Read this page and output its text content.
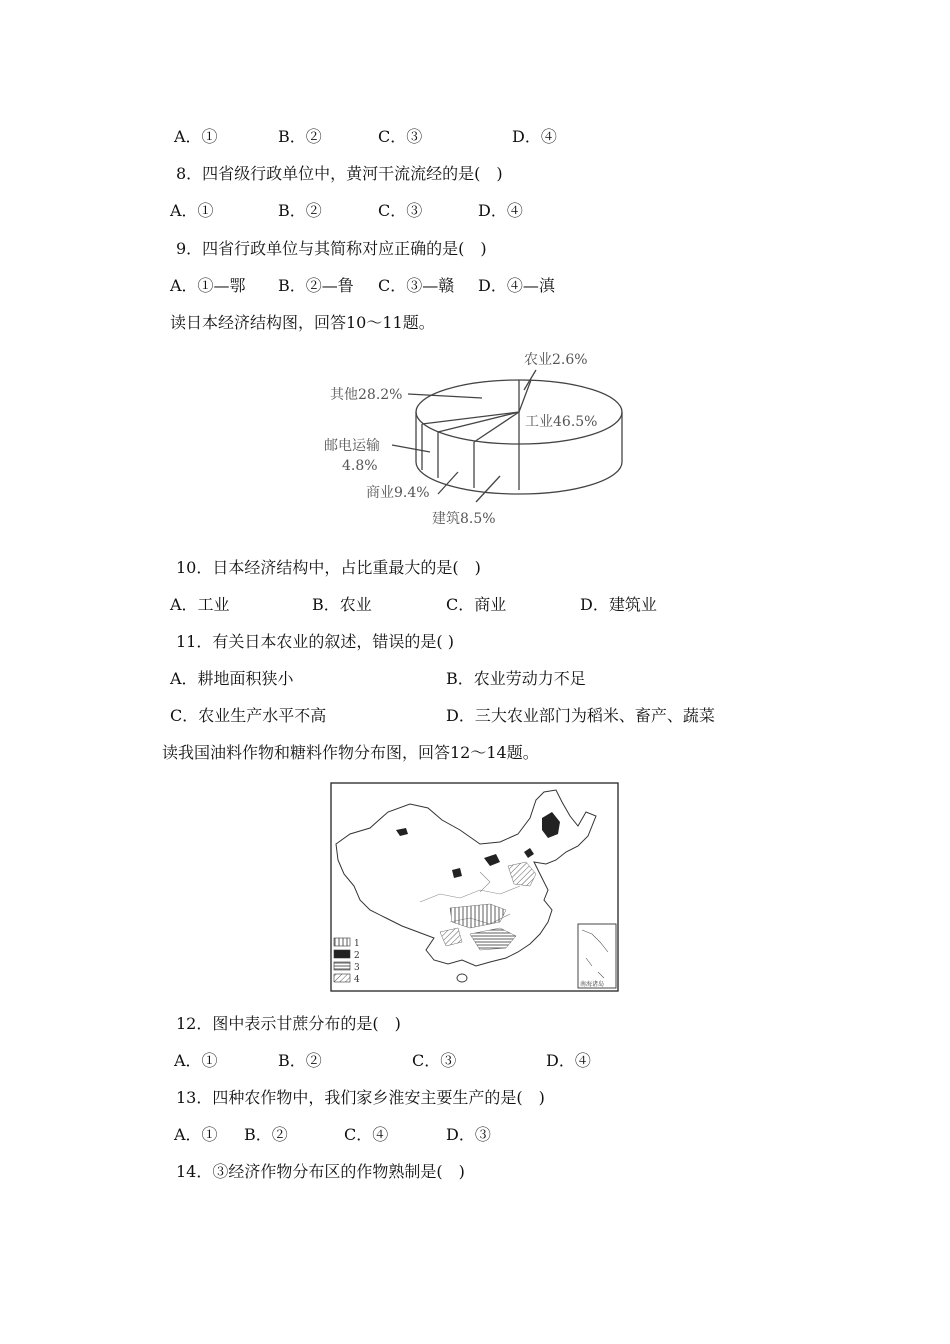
A．①	B．②	C．③	D．④
8．四省级行政单位中，黄河干流流经的是(　)
A．①	B．②	C．③	D．④
9．四省行政单位与其简称对应正确的是(　)
A．①—鄂 B．②—鲁 C．③—赣 D．④—滇
读日本经济结构图，回答10～11题。
农业2.6%
其他28.2%
工业46.5%
邮电运输
4.8%
商业9.4%
建筑8.5%
10．日本经济结构中，占比重最大的是(　)
A．工业	B．农业	C．商业	D．建筑业
11．有关日本农业的叙述，错误的是( )
A．耕地面积狭小	B．农业劳动力不足
C．农业生产水平不高	D．三大农业部门为稻米、畜产、蔬菜
读我国油料作物和糖料作物分布图，回答12～14题。
1
2
3
4	南海诸岛
12．图中表示甘蔗分布的是(　)
A．①	B．②	C．③	D．④
13．四种农作物中，我们家乡淮安主要生产的是(　)
A．① B．②	C．④	D．③
14．③经济作物分布区的作物熟制是(　)
